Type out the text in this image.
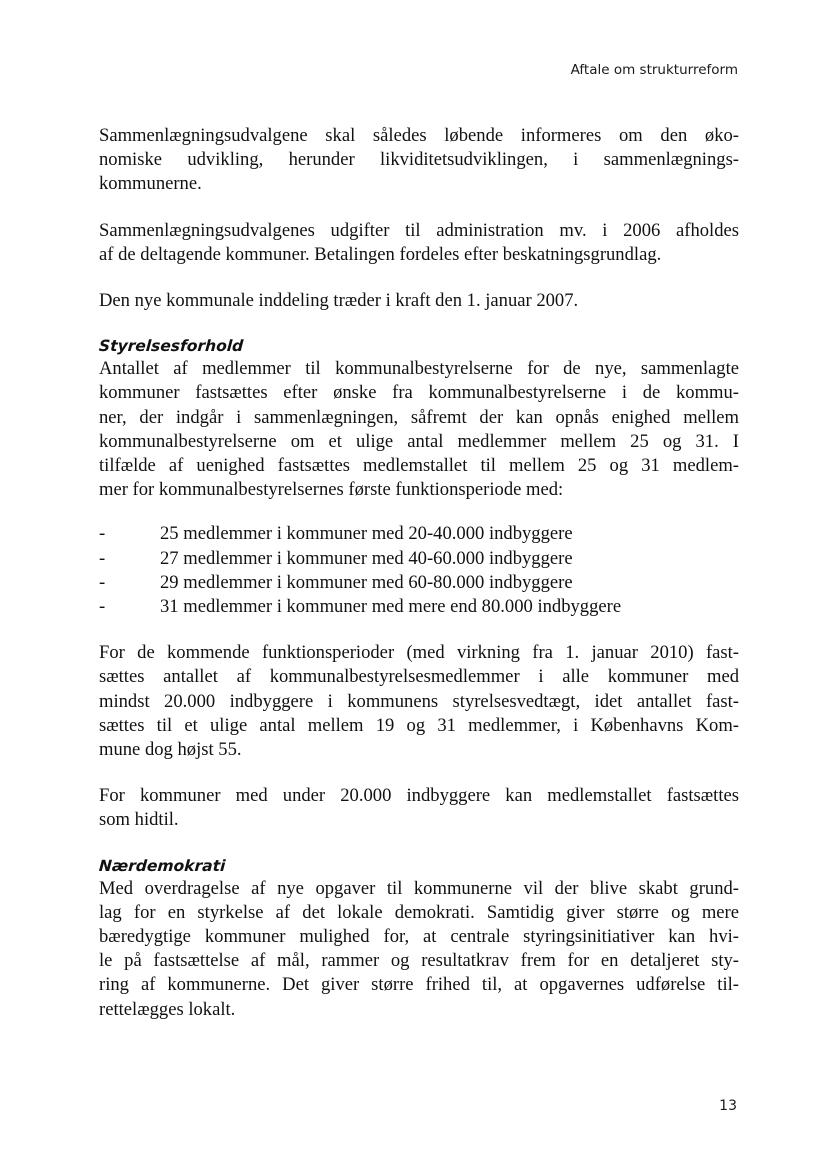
Aftale om strukturreform
Sammenlægningsudvalgene skal således løbende informeres om den øko-
nomiske udvikling, herunder likviditetsudviklingen, i sammenlægnings-
kommunerne.
Sammenlægningsudvalgenes udgifter til administration mv. i 2006 afholdes
af de deltagende kommuner. Betalingen fordeles efter beskatningsgrundlag.
Den nye kommunale inddeling træder i kraft den 1. januar 2007.
Styrelsesforhold
Antallet af medlemmer til kommunalbestyrelserne for de nye, sammenlagte
kommuner fastsættes efter ønske fra kommunalbestyrelserne i de kommu-
ner, der indgår i sammenlægningen, såfremt der kan opnås enighed mellem
kommunalbestyrelserne om et ulige antal medlemmer mellem 25 og 31. I
tilfælde af uenighed fastsættes medlemstallet til mellem 25 og 31 medlem-
mer for kommunalbestyrelsernes første funktionsperiode med:
-	25 medlemmer i kommuner med 20-40.000 indbyggere
-	27 medlemmer i kommuner med 40-60.000 indbyggere
-	29 medlemmer i kommuner med 60-80.000 indbyggere
-	31 medlemmer i kommuner med mere end 80.000 indbyggere
For de kommende funktionsperioder (med virkning fra 1. januar 2010) fast-
sættes antallet af kommunalbestyrelsesmedlemmer i alle kommuner med
mindst 20.000 indbyggere i kommunens styrelsesvedtægt, idet antallet fast-
sættes til et ulige antal mellem 19 og 31 medlemmer, i Københavns Kom-
mune dog højst 55.
For kommuner med under 20.000 indbyggere kan medlemstallet fastsættes
som hidtil.
Nærdemokrati
Med overdragelse af nye opgaver til kommunerne vil der blive skabt grund-
lag for en styrkelse af det lokale demokrati. Samtidig giver større og mere
bæredygtige kommuner mulighed for, at centrale styringsinitiativer kan hvi-
le på fastsættelse af mål, rammer og resultatkrav frem for en detaljeret sty-
ring af kommunerne. Det giver større frihed til, at opgavernes udførelse til-
rettelægges lokalt.
13
